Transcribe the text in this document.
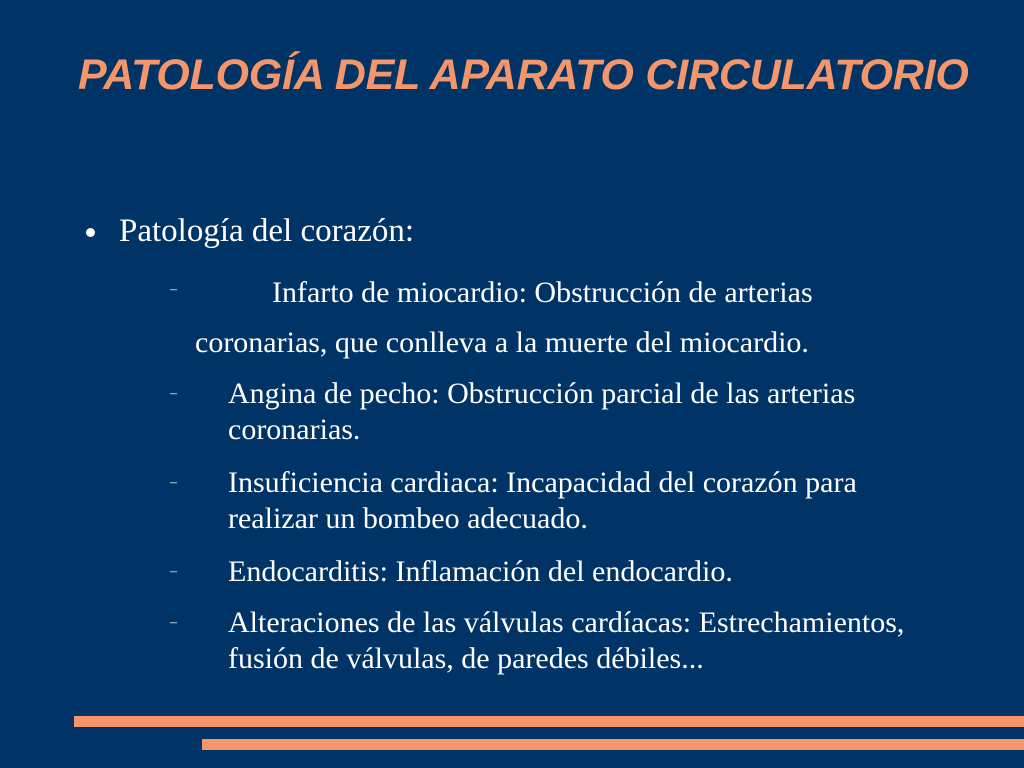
PATOLOGÍA DEL APARATO CIRCULATORIO
Patología del corazón:
–	Infarto de miocardio: Obstrucción de arterias
coronarias, que conlleva a la muerte del miocardio.
– Angina de pecho: Obstrucción parcial de las arterias coronarias.
– Insuficiencia cardiaca: Incapacidad del corazón para realizar un bombeo adecuado.
– Endocarditis: Inflamación del endocardio.
– Alteraciones de las válvulas cardíacas: Estrechamientos, fusión de válvulas, de paredes débiles...
